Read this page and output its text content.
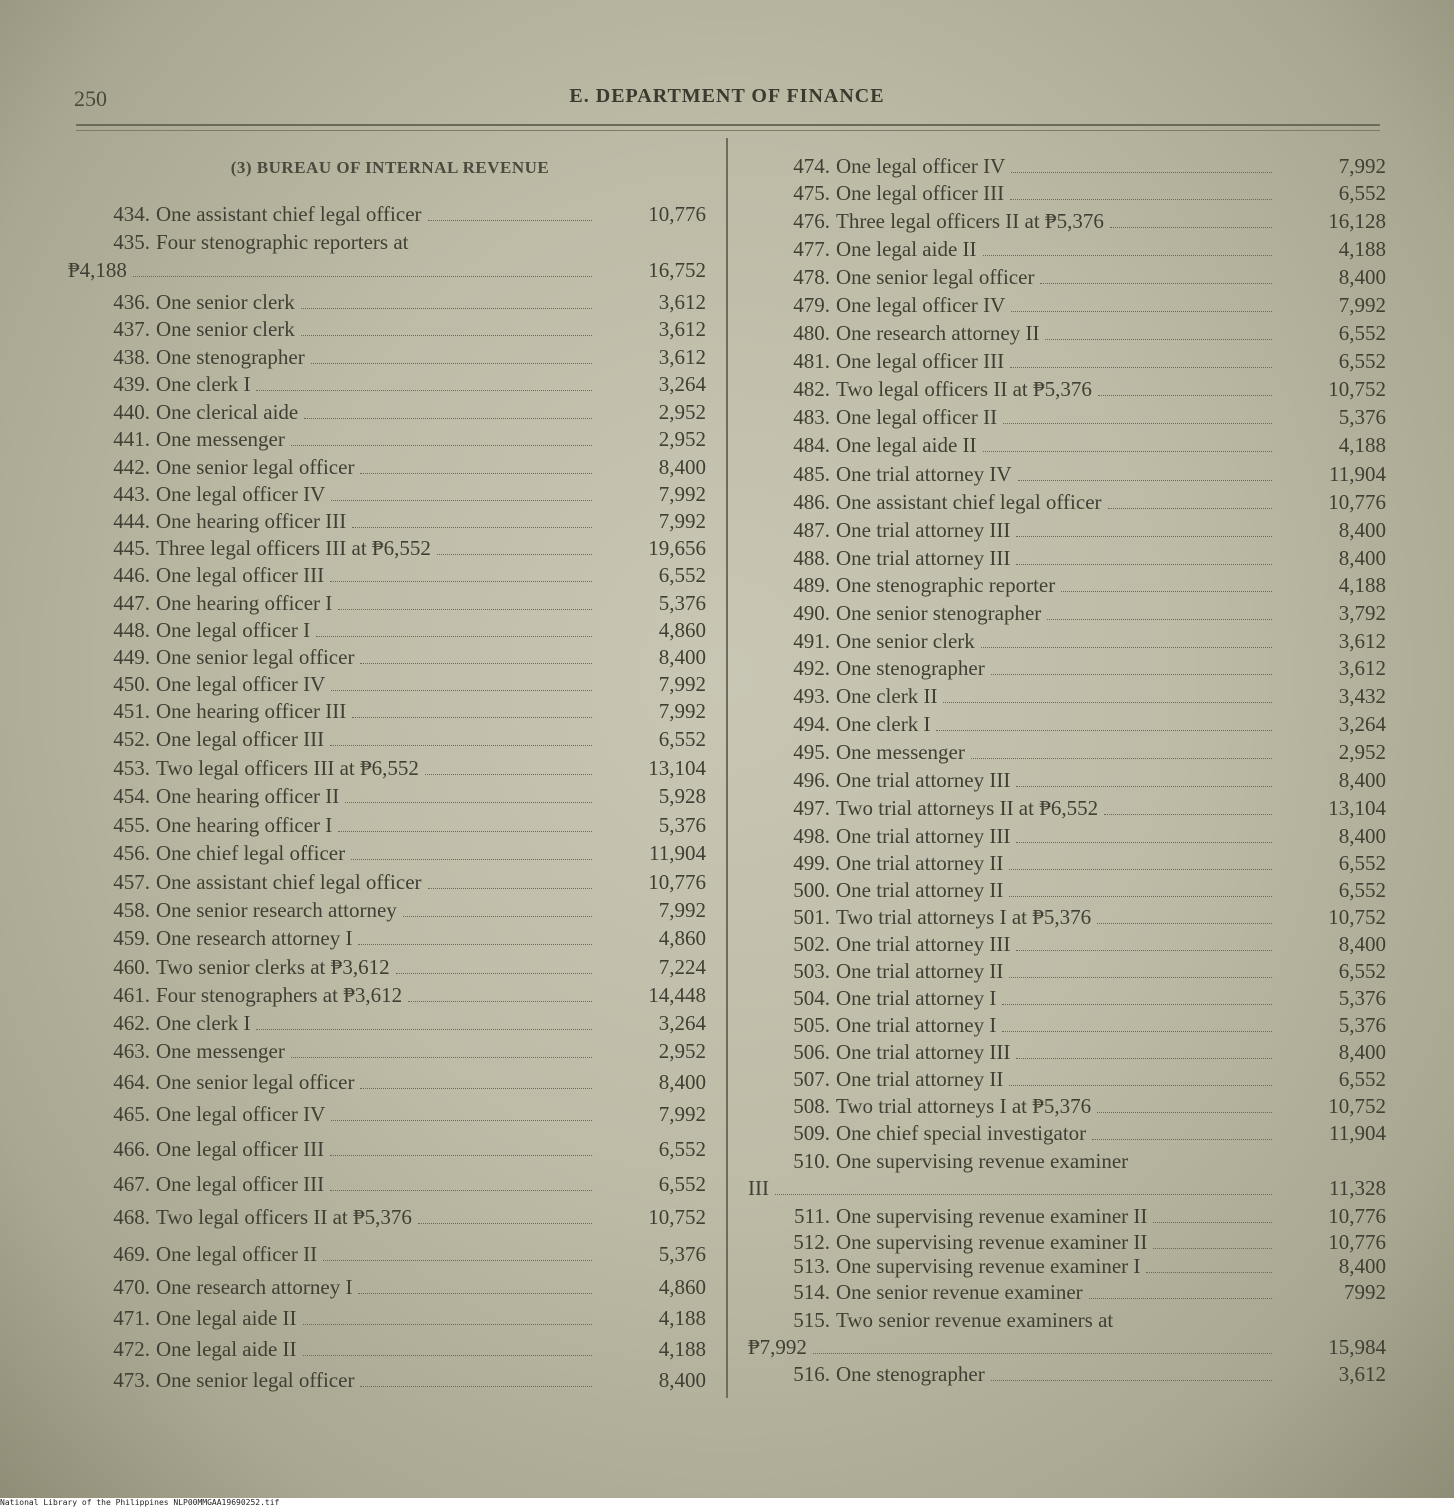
250	E. DEPARTMENT OF FINANCE
(3) BUREAU OF INTERNAL REVENUE
434. One assistant chief legal officer	10,776
435. Four stenographic reporters at
₱4,188	16,752
436. One senior clerk	3,612
437. One senior clerk	3,612
438. One stenographer	3,612
439. One clerk I	3,264
440. One clerical aide	2,952
441. One messenger	2,952
442. One senior legal officer	8,400
443. One legal officer IV	7,992
444. One hearing officer III	7,992
445. Three legal officers III at ₱6,552	19,656
446. One legal officer III	6,552
447. One hearing officer I	5,376
448. One legal officer I	4,860
449. One senior legal officer	8,400
450. One legal officer IV	7,992
451. One hearing officer III	7,992
452. One legal officer III	6,552
453. Two legal officers III at ₱6,552	13,104
454. One hearing officer II	5,928
455. One hearing officer I	5,376
456. One chief legal officer	11,904
457. One assistant chief legal officer	10,776
458. One senior research attorney	7,992
459. One research attorney I	4,860
460. Two senior clerks at ₱3,612	7,224
461. Four stenographers at ₱3,612	14,448
462. One clerk I	3,264
463. One messenger	2,952
464. One senior legal officer	8,400
465. One legal officer IV	7,992
466. One legal officer III	6,552
467. One legal officer III	6,552
468. Two legal officers II at ₱5,376	10,752
469. One legal officer II	5,376
470. One research attorney I	4,860
471. One legal aide II	4,188
472. One legal aide II	4,188
473. One senior legal officer	8,400
474. One legal officer IV	7,992
475. One legal officer III	6,552
476. Three legal officers II at ₱5,376	16,128
477. One legal aide II	4,188
478. One senior legal officer	8,400
479. One legal officer IV	7,992
480. One research attorney II	6,552
481. One legal officer III	6,552
482. Two legal officers II at ₱5,376	10,752
483. One legal officer II	5,376
484. One legal aide II	4,188
485. One trial attorney IV	11,904
486. One assistant chief legal officer	10,776
487. One trial attorney III	8,400
488. One trial attorney III	8,400
489. One stenographic reporter	4,188
490. One senior stenographer	3,792
491. One senior clerk	3,612
492. One stenographer	3,612
493. One clerk II	3,432
494. One clerk I	3,264
495. One messenger	2,952
496. One trial attorney III	8,400
497. Two trial attorneys II at ₱6,552	13,104
498. One trial attorney III	8,400
499. One trial attorney II	6,552
500. One trial attorney II	6,552
501. Two trial attorneys I at ₱5,376	10,752
502. One trial attorney III	8,400
503. One trial attorney II	6,552
504. One trial attorney I	5,376
505. One trial attorney I	5,376
506. One trial attorney III	8,400
507. One trial attorney II	6,552
508. Two trial attorneys I at ₱5,376	10,752
509. One chief special investigator	11,904
510. One supervising revenue examiner
III	11,328
511. One supervising revenue examiner II	10,776
512. One supervising revenue examiner II	10,776
513. One supervising revenue examiner I	8,400
514. One senior revenue examiner	7992
515. Two senior revenue examiners at
₱7,992	15,984
516. One stenographer	3,612
National Library of the Philippines NLP00MMGAA19690252.tif
